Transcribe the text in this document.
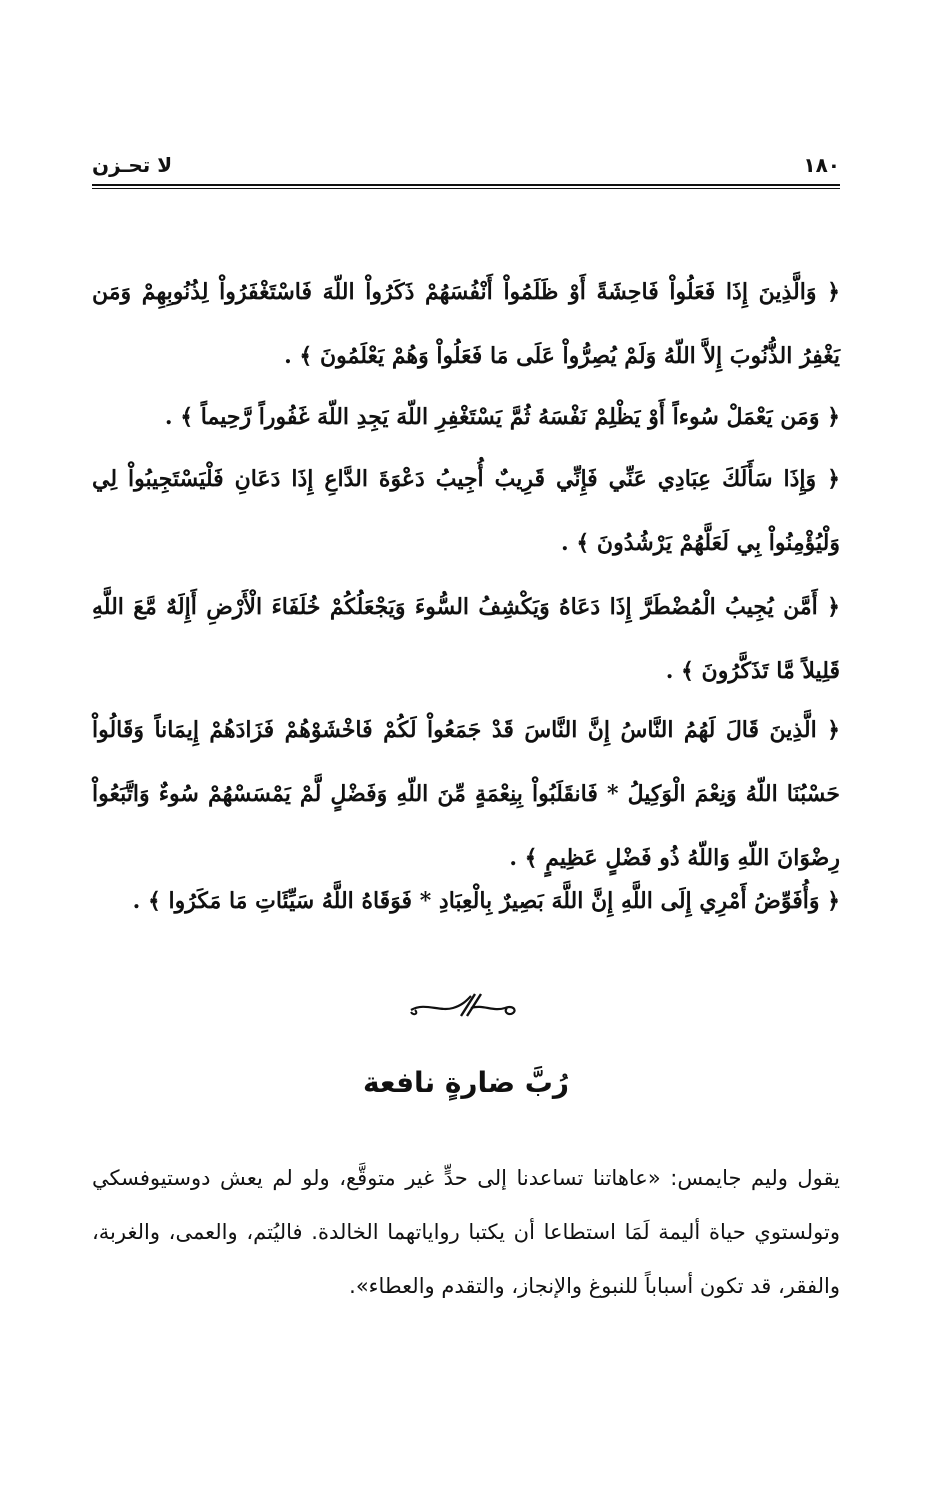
١٨٠
لا تحـزن

﴿ وَالَّذِينَ إِذَا فَعَلُواْ فَاحِشَةً أَوْ ظَلَمُواْ أَنْفُسَهُمْ ذَكَرُواْ اللّهَ فَاسْتَغْفَرُواْ لِذُنُوبِهِمْ وَمَن يَغْفِرُ الذُّنُوبَ إِلاَّ اللّهُ وَلَمْ يُصِرُّواْ عَلَى مَا فَعَلُواْ وَهُمْ يَعْلَمُونَ ﴾ .

﴿ وَمَن يَعْمَلْ سُوءاً أَوْ يَظْلِمْ نَفْسَهُ ثُمَّ يَسْتَغْفِرِ اللّهَ يَجِدِ اللّهَ غَفُوراً رَّحِيماً ﴾ .

﴿ وَإِذَا سَأَلَكَ عِبَادِي عَنِّي فَإِنِّي قَرِيبٌ أُجِيبُ دَعْوَةَ الدَّاعِ إِذَا دَعَانِ فَلْيَسْتَجِيبُواْ لِي وَلْيُؤْمِنُواْ بِي لَعَلَّهُمْ يَرْشُدُونَ ﴾ .

﴿ أَمَّن يُجِيبُ الْمُضْطَرَّ إِذَا دَعَاهُ وَيَكْشِفُ السُّوءَ وَيَجْعَلُكُمْ خُلَفَاءَ الْأَرْضِ أَإِلَهٌ مَّعَ اللَّهِ قَلِيلاً مَّا تَذَكَّرُونَ ﴾ .

﴿ الَّذِينَ قَالَ لَهُمُ النَّاسُ إِنَّ النَّاسَ قَدْ جَمَعُواْ لَكُمْ فَاخْشَوْهُمْ فَزَادَهُمْ إِيمَاناً وَقَالُواْ حَسْبُنَا اللّهُ وَنِعْمَ الْوَكِيلُ * فَانقَلَبُواْ بِنِعْمَةٍ مِّنَ اللّهِ وَفَضْلٍ لَّمْ يَمْسَسْهُمْ سُوءٌ وَاتَّبَعُواْ رِضْوَانَ اللّهِ وَاللّهُ ذُو فَضْلٍ عَظِيمٍ ﴾ .

﴿ وَأُفَوِّضُ أَمْرِي إِلَى اللَّهِ إِنَّ اللَّهَ بَصِيرٌ بِالْعِبَادِ * فَوَقَاهُ اللَّهُ سَيِّئَاتِ مَا مَكَرُوا ﴾ .

رُبَّ ضارةٍ نافعة

يقول وليم جايمس: «عاهاتنا تساعدنا إلى حدٍّ غير متوقَّع، ولو لم يعش دوستيوفسكي وتولستوي حياة أليمة لَمَا استطاعا أن يكتبا رواياتهما الخالدة. فاليُتم، والعمى، والغربة، والفقر، قد تكون أسباباً للنبوغ والإنجاز، والتقدم والعطاء».
